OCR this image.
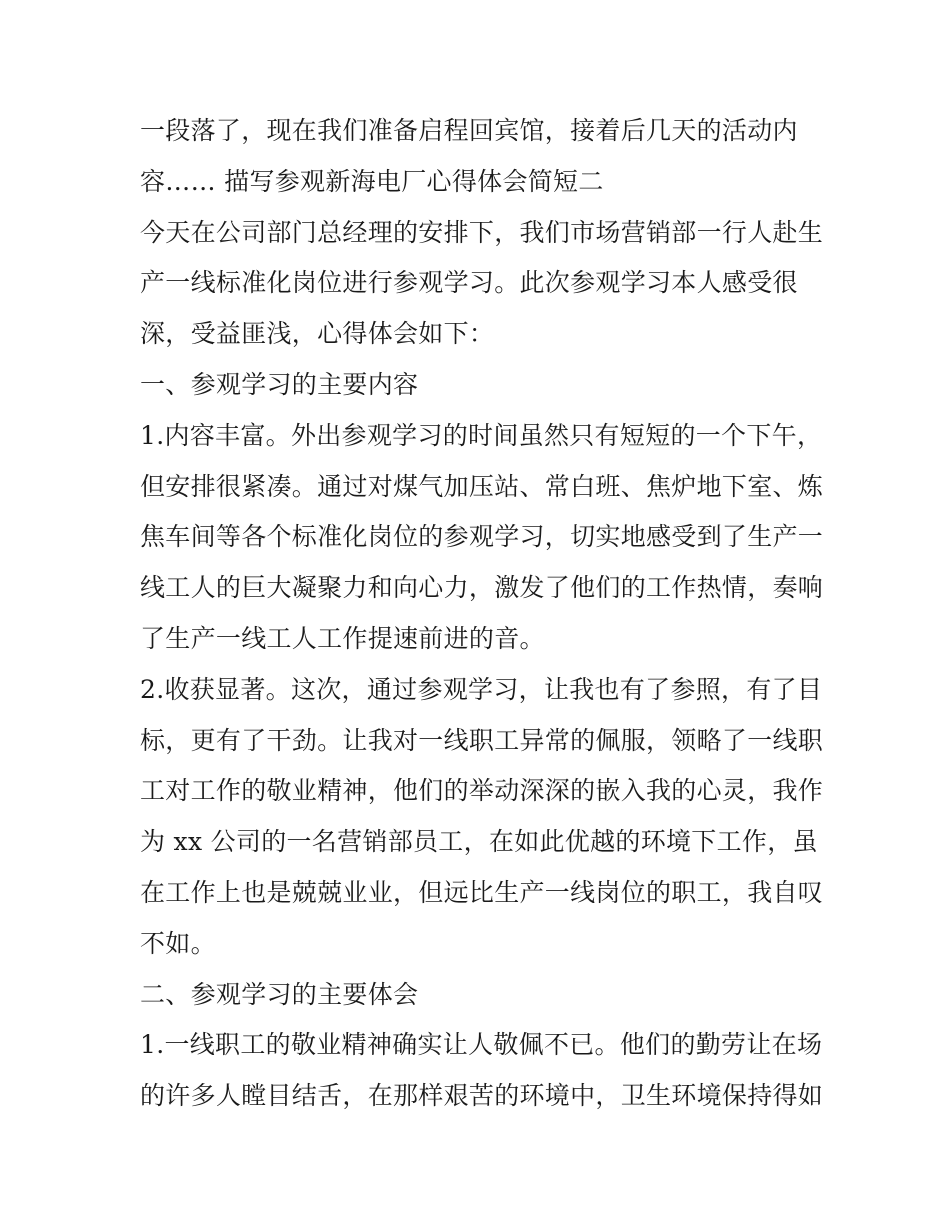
一段落了，现在我们准备启程回宾馆，接着后几天的活动内
容…… 描写参观新海电厂心得体会简短二
今天在公司部门总经理的安排下，我们市场营销部一行人赴生
产一线标准化岗位进行参观学习。此次参观学习本人感受很
深，受益匪浅，心得体会如下：
一、参观学习的主要内容
1.内容丰富。外出参观学习的时间虽然只有短短的一个下午，
但安排很紧凑。通过对煤气加压站、常白班、焦炉地下室、炼
焦车间等各个标准化岗位的参观学习，切实地感受到了生产一
线工人的巨大凝聚力和向心力，激发了他们的工作热情，奏响
了生产一线工人工作提速前进的音。
2.收获显著。这次，通过参观学习，让我也有了参照，有了目
标，更有了干劲。让我对一线职工异常的佩服，领略了一线职
工对工作的敬业精神，他们的举动深深的嵌入我的心灵，我作
为 xx 公司的一名营销部员工，在如此优越的环境下工作，虽
在工作上也是兢兢业业，但远比生产一线岗位的职工，我自叹
不如。
二、参观学习的主要体会
1.一线职工的敬业精神确实让人敬佩不已。他们的勤劳让在场
的许多人瞠目结舌，在那样艰苦的环境中，卫生环境保持得如
